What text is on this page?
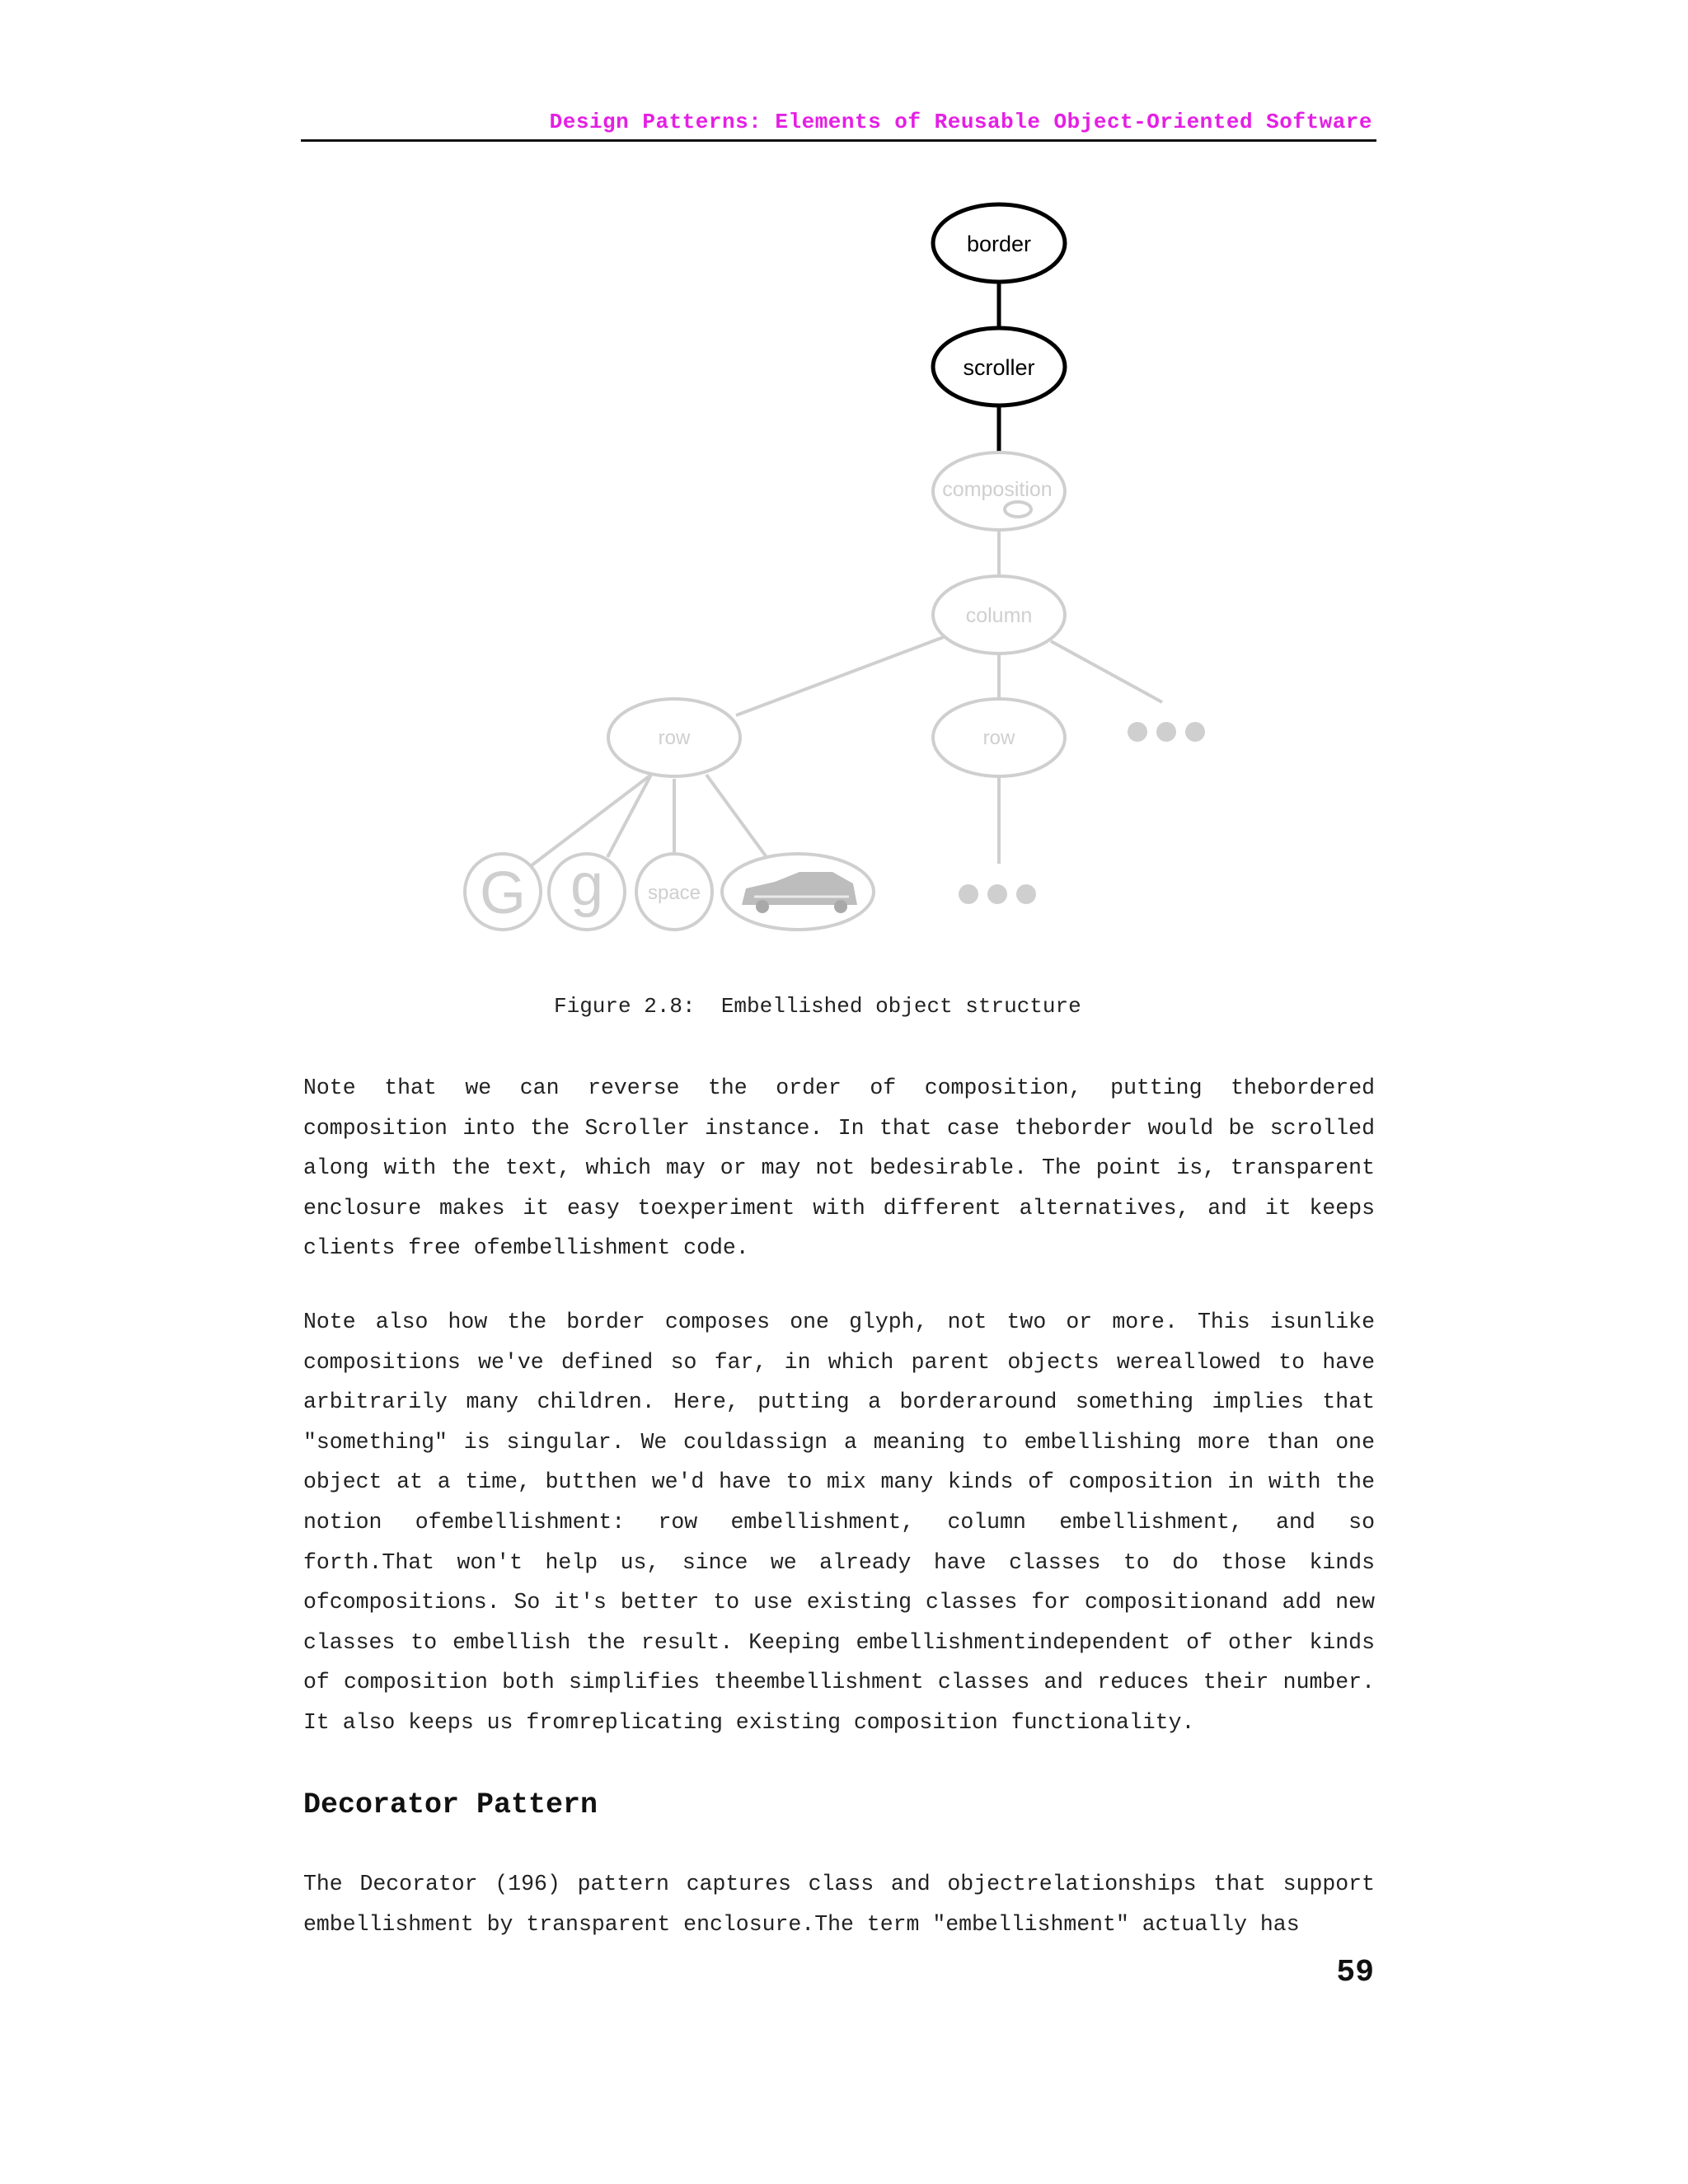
Design Patterns: Elements of Reusable Object-Oriented Software
border
scroller
composition
column
row	row
G g space
Figure 2.8:  Embellished object structure

Note that we can reverse the order of composition, putting thebordered composition into the Scroller instance. In that case theborder would be scrolled along with the text, which may or may not bedesirable. The point is, transparent enclosure makes it easy toexperiment with different alternatives, and it keeps clients free ofembellishment code.

Note also how the border composes one glyph, not two or more. This isunlike compositions we've defined so far, in which parent objects wereallowed to have arbitrarily many children. Here, putting a borderaround something implies that "something" is singular. We couldassign a meaning to embellishing more than one object at a time, butthen we'd have to mix many kinds of composition in with the notion ofembellishment: row embellishment, column embellishment, and so forth.That won't help us, since we already have classes to do those kinds ofcompositions. So it's better to use existing classes for compositionand add new classes to embellish the result. Keeping embellishmentindependent of other kinds of composition both simplifies theembellishment classes and reduces their number. It also keeps us fromreplicating existing composition functionality.

Decorator Pattern

The Decorator (196) pattern captures class and objectrelationships that support embellishment by transparent enclosure.The term "embellishment" actually has

59
